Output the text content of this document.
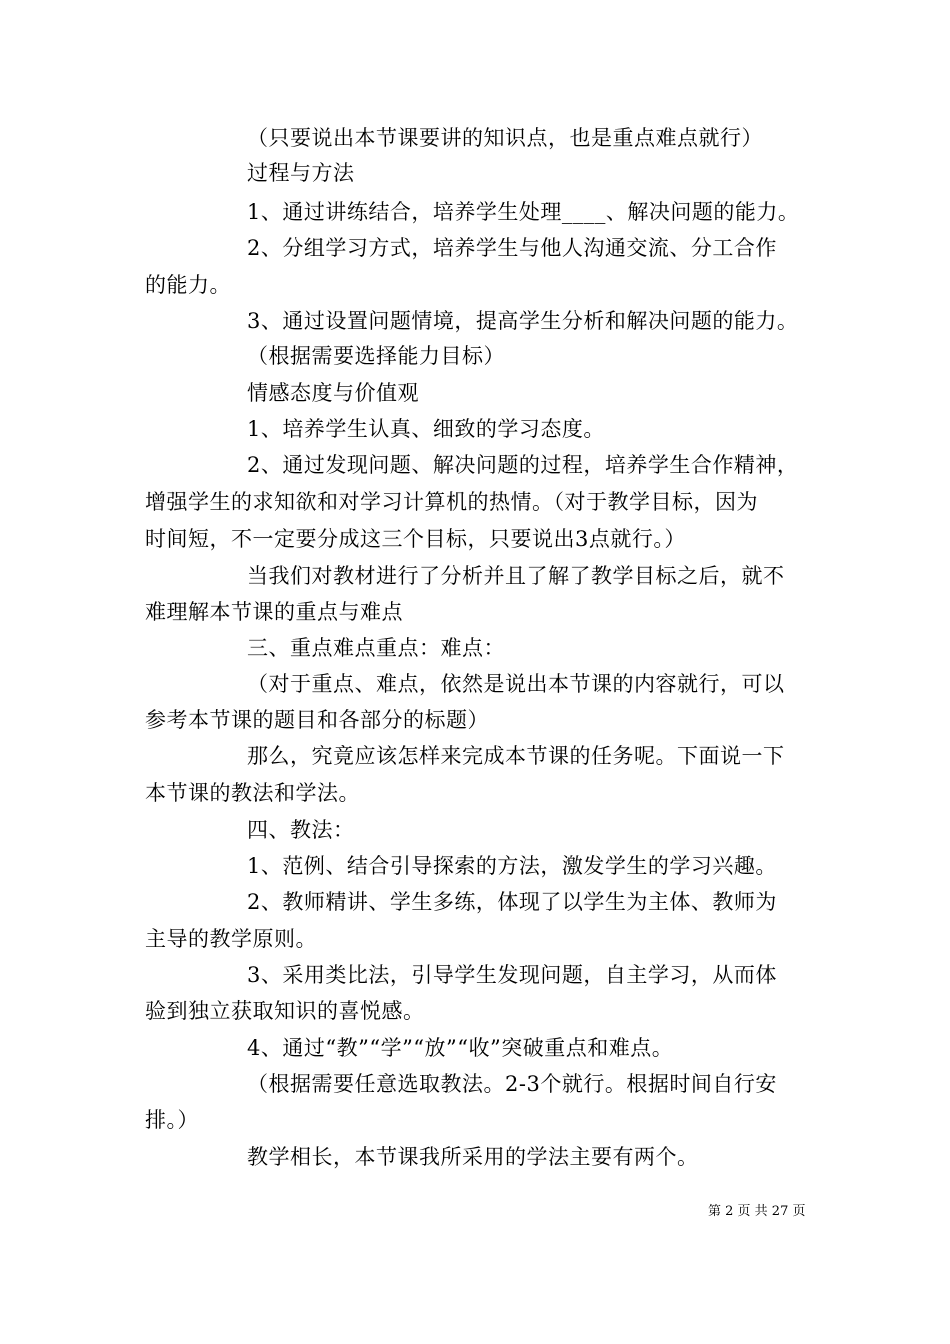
（只要说出本节课要讲的知识点，也是重点难点就行）
过程与方法
1、通过讲练结合，培养学生处理____、解决问题的能力。
2、分组学习方式，培养学生与他人沟通交流、分工合作
的能力。
3、通过设置问题情境，提高学生分析和解决问题的能力。
（根据需要选择能力目标）
情感态度与价值观
1、培养学生认真、细致的学习态度。
2、通过发现问题、解决问题的过程，培养学生合作精神，
增强学生的求知欲和对学习计算机的热情。（对于教学目标，因为
时间短，不一定要分成这三个目标，只要说出3点就行。）
当我们对教材进行了分析并且了解了教学目标之后，就不
难理解本节课的重点与难点
三、重点难点重点：难点：
（对于重点、难点，依然是说出本节课的内容就行，可以
参考本节课的题目和各部分的标题）
那么，究竟应该怎样来完成本节课的任务呢。下面说一下
本节课的教法和学法。
四、教法：
1、范例、结合引导探索的方法，激发学生的学习兴趣。
2、教师精讲、学生多练，体现了以学生为主体、教师为
主导的教学原则。
3、采用类比法，引导学生发现问题，自主学习，从而体
验到独立获取知识的喜悦感。
4、通过“教”“学”“放”“收”突破重点和难点。
（根据需要任意选取教法。2-3个就行。根据时间自行安
排。）
教学相长，本节课我所采用的学法主要有两个。
第 2 页 共 27 页
